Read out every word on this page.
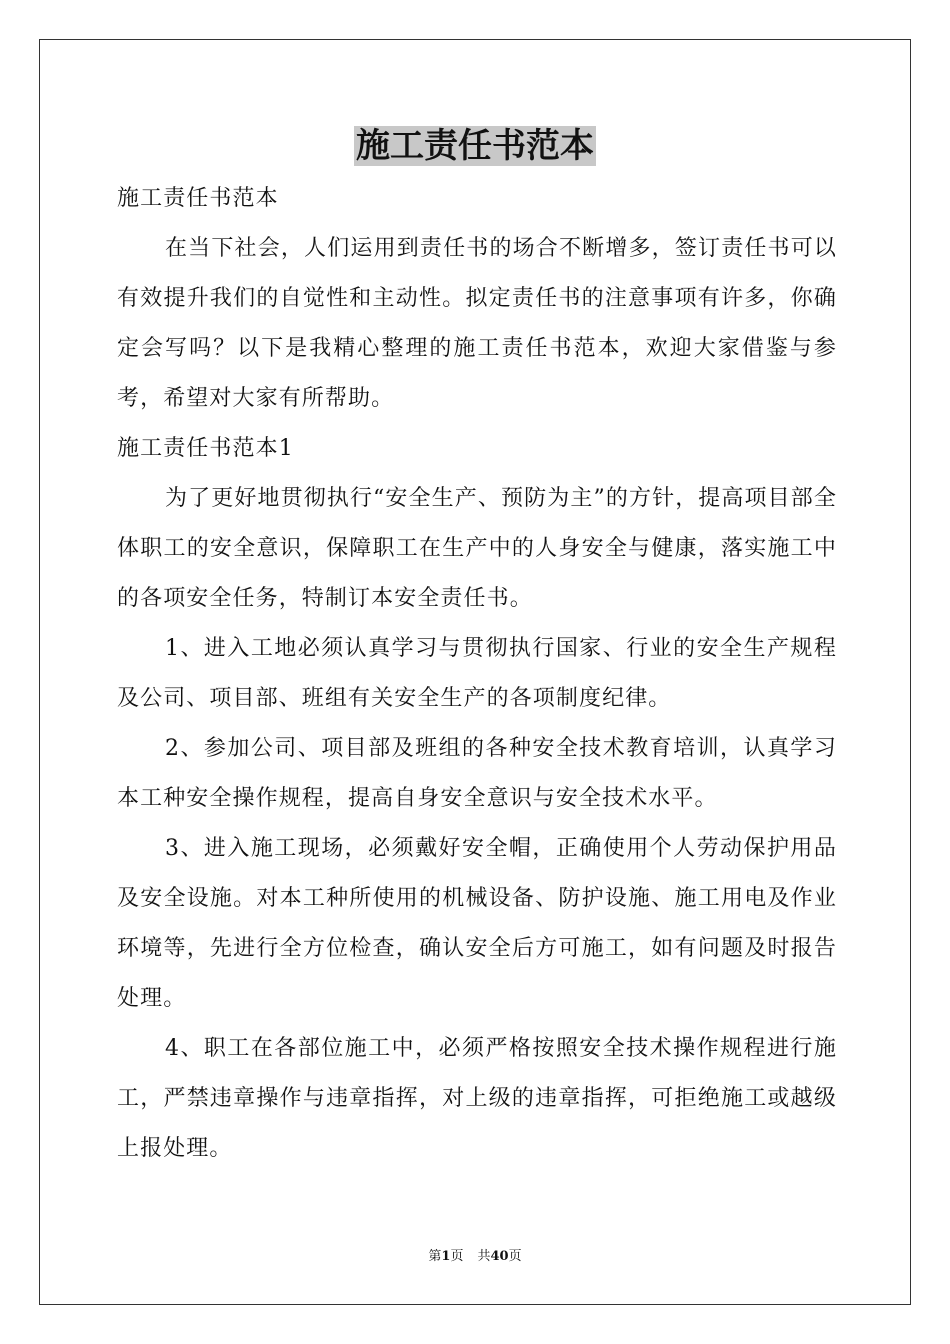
施工责任书范本

施工责任书范本

在当下社会，人们运用到责任书的场合不断增多，签订责任书可以有效提升我们的自觉性和主动性。拟定责任书的注意事项有许多，你确定会写吗？以下是我精心整理的施工责任书范本，欢迎大家借鉴与参考，希望对大家有所帮助。

施工责任书范本1

为了更好地贯彻执行“安全生产、预防为主”的方针，提高项目部全体职工的安全意识，保障职工在生产中的人身安全与健康，落实施工中的各项安全任务，特制订本安全责任书。

1、进入工地必须认真学习与贯彻执行国家、行业的安全生产规程及公司、项目部、班组有关安全生产的各项制度纪律。

2、参加公司、项目部及班组的各种安全技术教育培训，认真学习本工种安全操作规程，提高自身安全意识与安全技术水平。

3、进入施工现场，必须戴好安全帽，正确使用个人劳动保护用品及安全设施。对本工种所使用的机械设备、防护设施、施工用电及作业环境等，先进行全方位检查，确认安全后方可施工，如有问题及时报告处理。

4、职工在各部位施工中，必须严格按照安全技术操作规程进行施工，严禁违章操作与违章指挥，对上级的违章指挥，可拒绝施工或越级上报处理。

第1页 共40页
